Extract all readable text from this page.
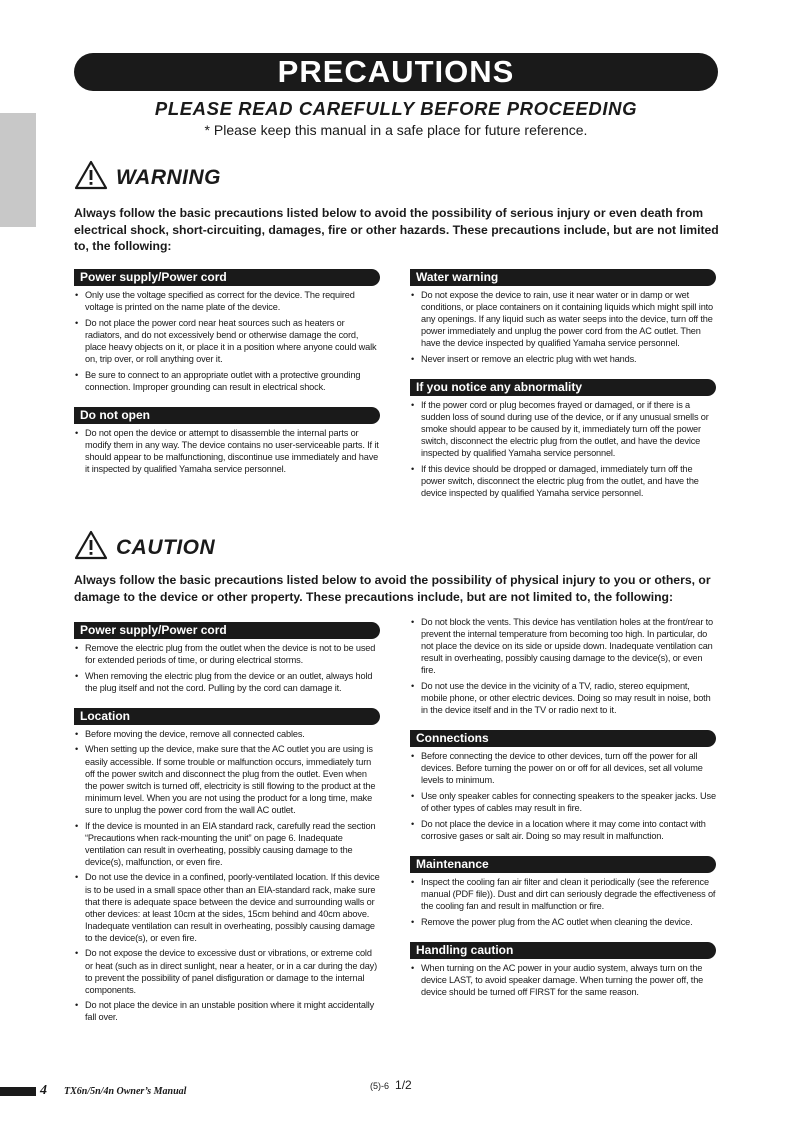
PRECAUTIONS
PLEASE READ CAREFULLY BEFORE PROCEEDING
* Please keep this manual in a safe place for future reference.
WARNING
Always follow the basic precautions listed below to avoid the possibility of serious injury or even death from electrical shock, short-circuiting, damages, fire or other hazards. These precautions include, but are not limited to, the following:
Power supply/Power cord
• Only use the voltage specified as correct for the device. The required voltage is printed on the name plate of the device.
• Do not place the power cord near heat sources such as heaters or radiators, and do not excessively bend or otherwise damage the cord, place heavy objects on it, or place it in a position where anyone could walk on, trip over, or roll anything over it.
• Be sure to connect to an appropriate outlet with a protective grounding connection. Improper grounding can result in electrical shock.
Do not open
• Do not open the device or attempt to disassemble the internal parts or modify them in any way. The device contains no user-serviceable parts. If it should appear to be malfunctioning, discontinue use immediately and have it inspected by qualified Yamaha service personnel.
Water warning
• Do not expose the device to rain, use it near water or in damp or wet conditions, or place containers on it containing liquids which might spill into any openings. If any liquid such as water seeps into the device, turn off the power immediately and unplug the power cord from the AC outlet. Then have the device inspected by qualified Yamaha service personnel.
• Never insert or remove an electric plug with wet hands.
If you notice any abnormality
• If the power cord or plug becomes frayed or damaged, or if there is a sudden loss of sound during use of the device, or if any unusual smells or smoke should appear to be caused by it, immediately turn off the power switch, disconnect the electric plug from the outlet, and have the device inspected by qualified Yamaha service personnel.
• If this device should be dropped or damaged, immediately turn off the power switch, disconnect the electric plug from the outlet, and have the device inspected by qualified Yamaha service personnel.
CAUTION
Always follow the basic precautions listed below to avoid the possibility of physical injury to you or others, or damage to the device or other property. These precautions include, but are not limited to, the following:
Power supply/Power cord
• Remove the electric plug from the outlet when the device is not to be used for extended periods of time, or during electrical storms.
• When removing the electric plug from the device or an outlet, always hold the plug itself and not the cord. Pulling by the cord can damage it.
Location
• Before moving the device, remove all connected cables.
• When setting up the device, make sure that the AC outlet you are using is easily accessible. If some trouble or malfunction occurs, immediately turn off the power switch and disconnect the plug from the outlet. Even when the power switch is turned off, electricity is still flowing to the product at the minimum level. When you are not using the product for a long time, make sure to unplug the power cord from the wall AC outlet.
• If the device is mounted in an EIA standard rack, carefully read the section “Precautions when rack-mounting the unit” on page 6. Inadequate ventilation can result in overheating, possibly causing damage to the device(s), malfunction, or even fire.
• Do not use the device in a confined, poorly-ventilated location. If this device is to be used in a small space other than an EIA-standard rack, make sure that there is adequate space between the device and surrounding walls or other devices: at least 10cm at the sides, 15cm behind and 40cm above. Inadequate ventilation can result in overheating, possibly causing damage to the device(s), or even fire.
• Do not expose the device to excessive dust or vibrations, or extreme cold or heat (such as in direct sunlight, near a heater, or in a car during the day) to prevent the possibility of panel disfiguration or damage to the internal components.
• Do not place the device in an unstable position where it might accidentally fall over.
• Do not block the vents. This device has ventilation holes at the front/rear to prevent the internal temperature from becoming too high. In particular, do not place the device on its side or upside down. Inadequate ventilation can result in overheating, possibly causing damage to the device(s), or even fire.
• Do not use the device in the vicinity of a TV, radio, stereo equipment, mobile phone, or other electric devices. Doing so may result in noise, both in the device itself and in the TV or radio next to it.
Connections
• Before connecting the device to other devices, turn off the power for all devices. Before turning the power on or off for all devices, set all volume levels to minimum.
• Use only speaker cables for connecting speakers to the speaker jacks. Use of other types of cables may result in fire.
• Do not place the device in a location where it may come into contact with corrosive gases or salt air. Doing so may result in malfunction.
Maintenance
• Inspect the cooling fan air filter and clean it periodically (see the reference manual (PDF file)). Dust and dirt can seriously degrade the effectiveness of the cooling fan and result in malfunction or fire.
• Remove the power plug from the AC outlet when cleaning the device.
Handling caution
• When turning on the AC power in your audio system, always turn on the device LAST, to avoid speaker damage. When turning the power off, the device should be turned off FIRST for the same reason.
4 TX6n/5n/4n Owner’s Manual	(5)-6 1/2
